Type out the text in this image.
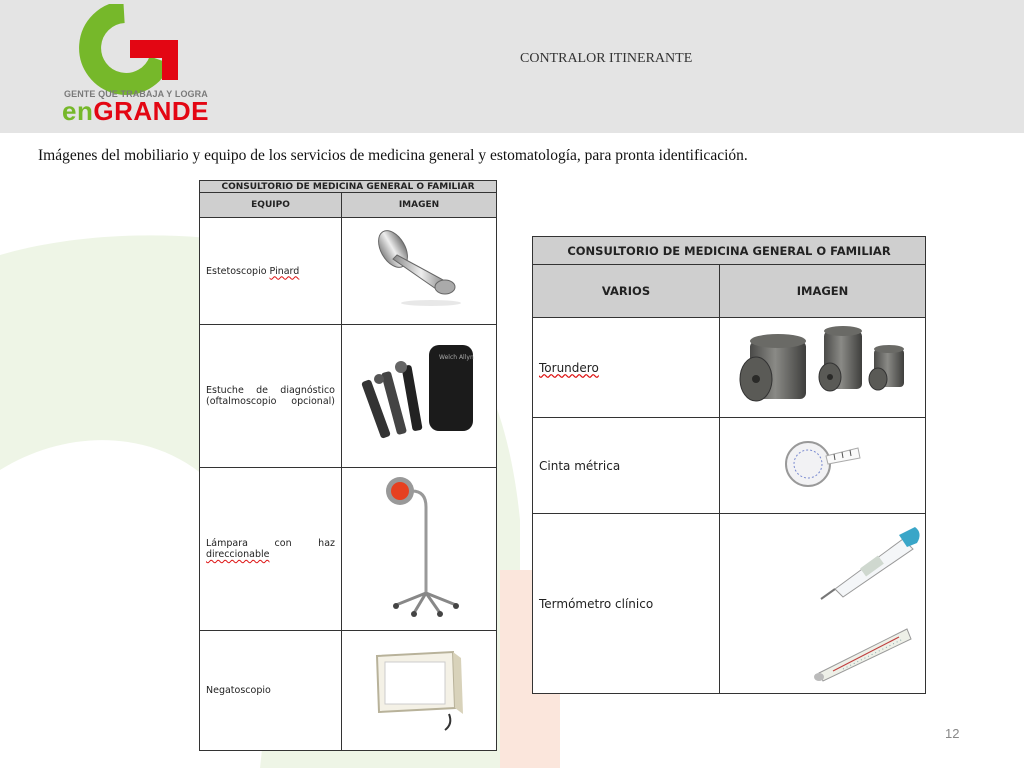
GENTE QUE TRABAJA Y LOGRA
enGRANDE
CONTRALOR ITINERANTE
Imágenes del mobiliario y equipo de los servicios de medicina general y estomatología, para pronta identificación.
CONSULTORIO DE MEDICINA GENERAL O FAMILIAR	
EQUIPO	IMAGEN
Estetoscopio Pinard	
Estuche de diagnóstico (oftalmoscopio opcional)	Welch Allyn

Lámpara con haz direccionable	
Negatoscopio	
CONSULTORIO DE MEDICINA GENERAL O FAMILIAR	
VARIOS	IMAGEN
Torundero	
Cinta métrica	
Termómetro clínico	
12
